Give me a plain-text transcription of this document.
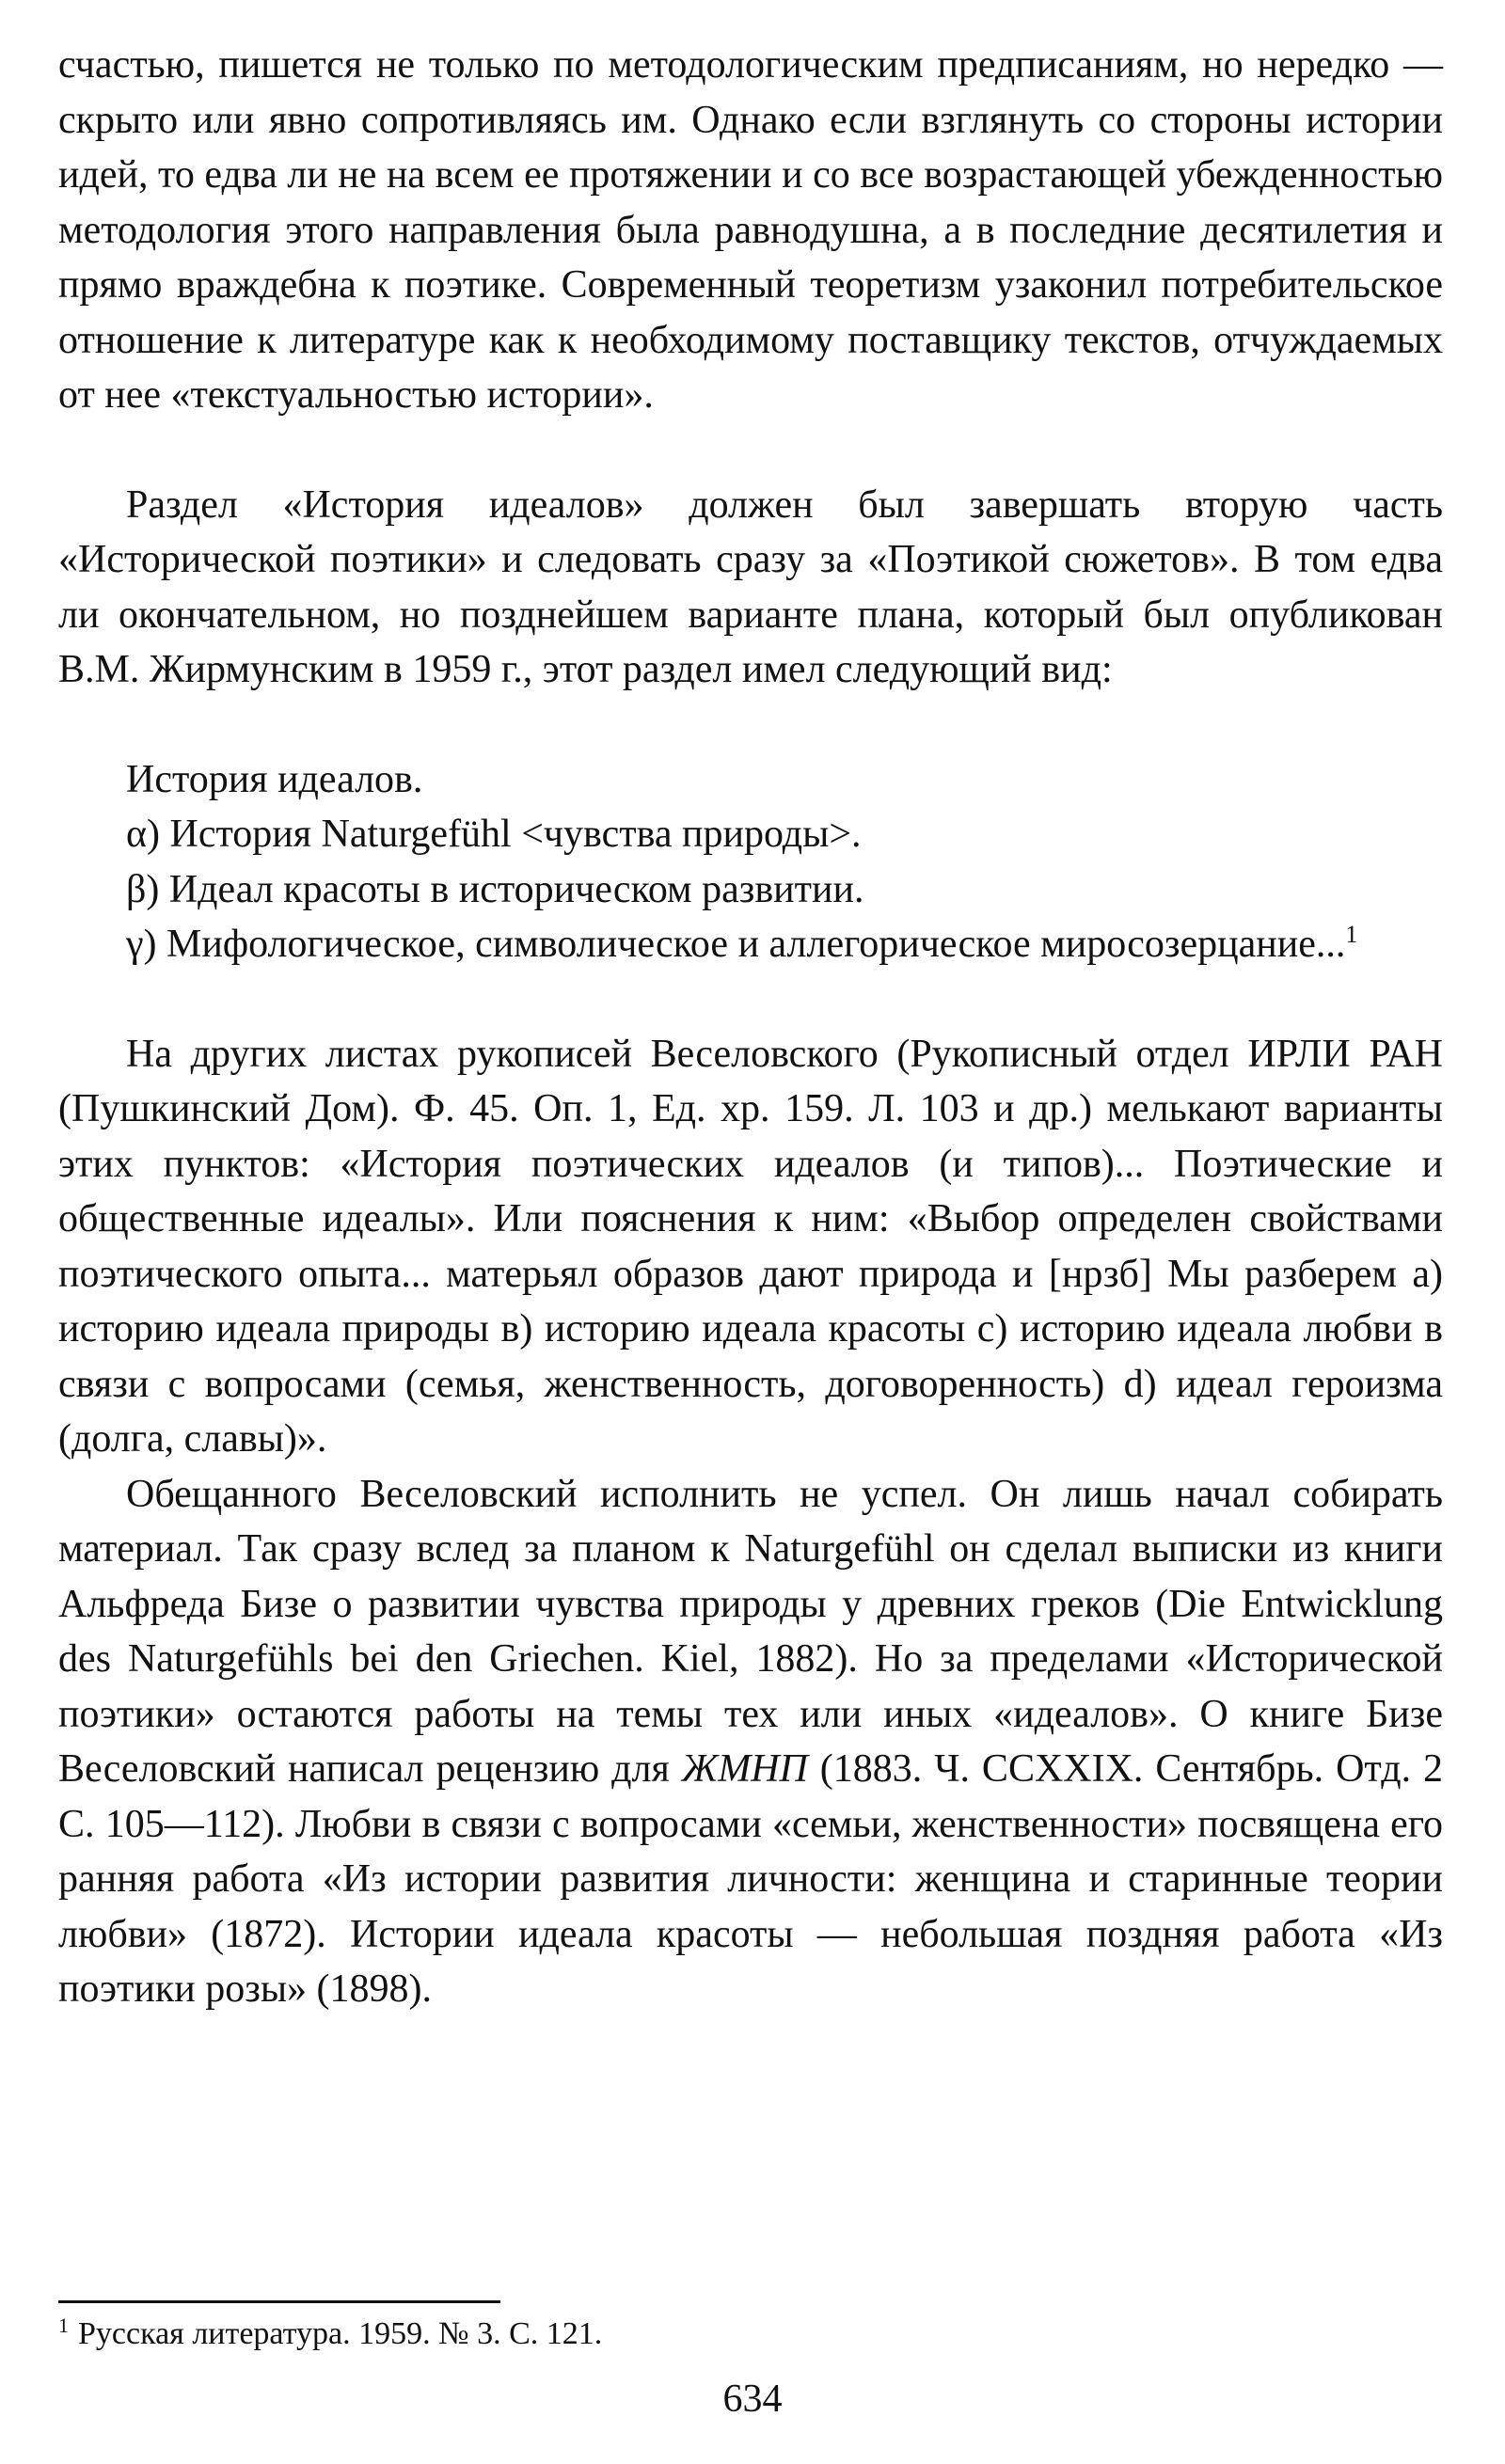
счастью, пишется не только по методологическим предписаниям, но нередко — скрыто или явно сопротивляясь им. Однако если взглянуть со стороны истории идей, то едва ли не на всем ее протяжении и со все возрастающей убежденностью методология этого направления была равнодушна, а в последние десятилетия и прямо враждебна к поэтике. Современный теоретизм узаконил потребительское отношение к литературе как к необходимому поставщику текстов, отчуждаемых от нее «текстуальностью истории».

Раздел «История идеалов» должен был завершать вторую часть «Исторической поэтики» и следовать сразу за «Поэтикой сюжетов». В том едва ли окончательном, но позднейшем варианте плана, который был опубликован В.М. Жирмунским в 1959 г., этот раздел имел следующий вид:

История идеалов.
α) История Naturgefühl <чувства природы>.
β) Идеал красоты в историческом развитии.
γ) Мифологическое, символическое и аллегорическое миросозерцание...$^1$

На других листах рукописей Веселовского (Рукописный отдел ИРЛИ РАН (Пушкинский Дом). Ф. 45. Оп. 1, Ед. хр. 159. Л. 103 и др.) мелькают варианты этих пунктов: «История поэтических идеалов (и типов)... Поэтические и общественные идеалы». Или пояснения к ним: «Выбор определен свойствами поэтического опыта... матерьял образов дают природа и [нрзб] Мы разберем а) историю идеала природы в) историю идеала красоты с) историю идеала любви в связи с вопросами (семья, женственность, договоренность) d) идеал героизма (долга, славы)».

Обещанного Веселовский исполнить не успел. Он лишь начал собирать материал. Так сразу вслед за планом к Naturgefühl он сделал выписки из книги Альфреда Бизе о развитии чувства природы у древних греков (Die Entwicklung des Naturgefühls bei den Griechen. Kiel, 1882). Но за пределами «Исторической поэтики» остаются работы на темы тех или иных «идеалов». О книге Бизе Веселовский написал рецензию для ЖМНП (1883. Ч. CCXXIX. Сентябрь. Отд. 2 С. 105—112). Любви в связи с вопросами «семьи, женственности» посвящена его ранняя работа «Из истории развития личности: женщина и старинные теории любви» (1872). Истории идеала красоты — небольшая поздняя работа «Из поэтики розы» (1898).

$^1$ Русская литература. 1959. № 3. С. 121.
634
